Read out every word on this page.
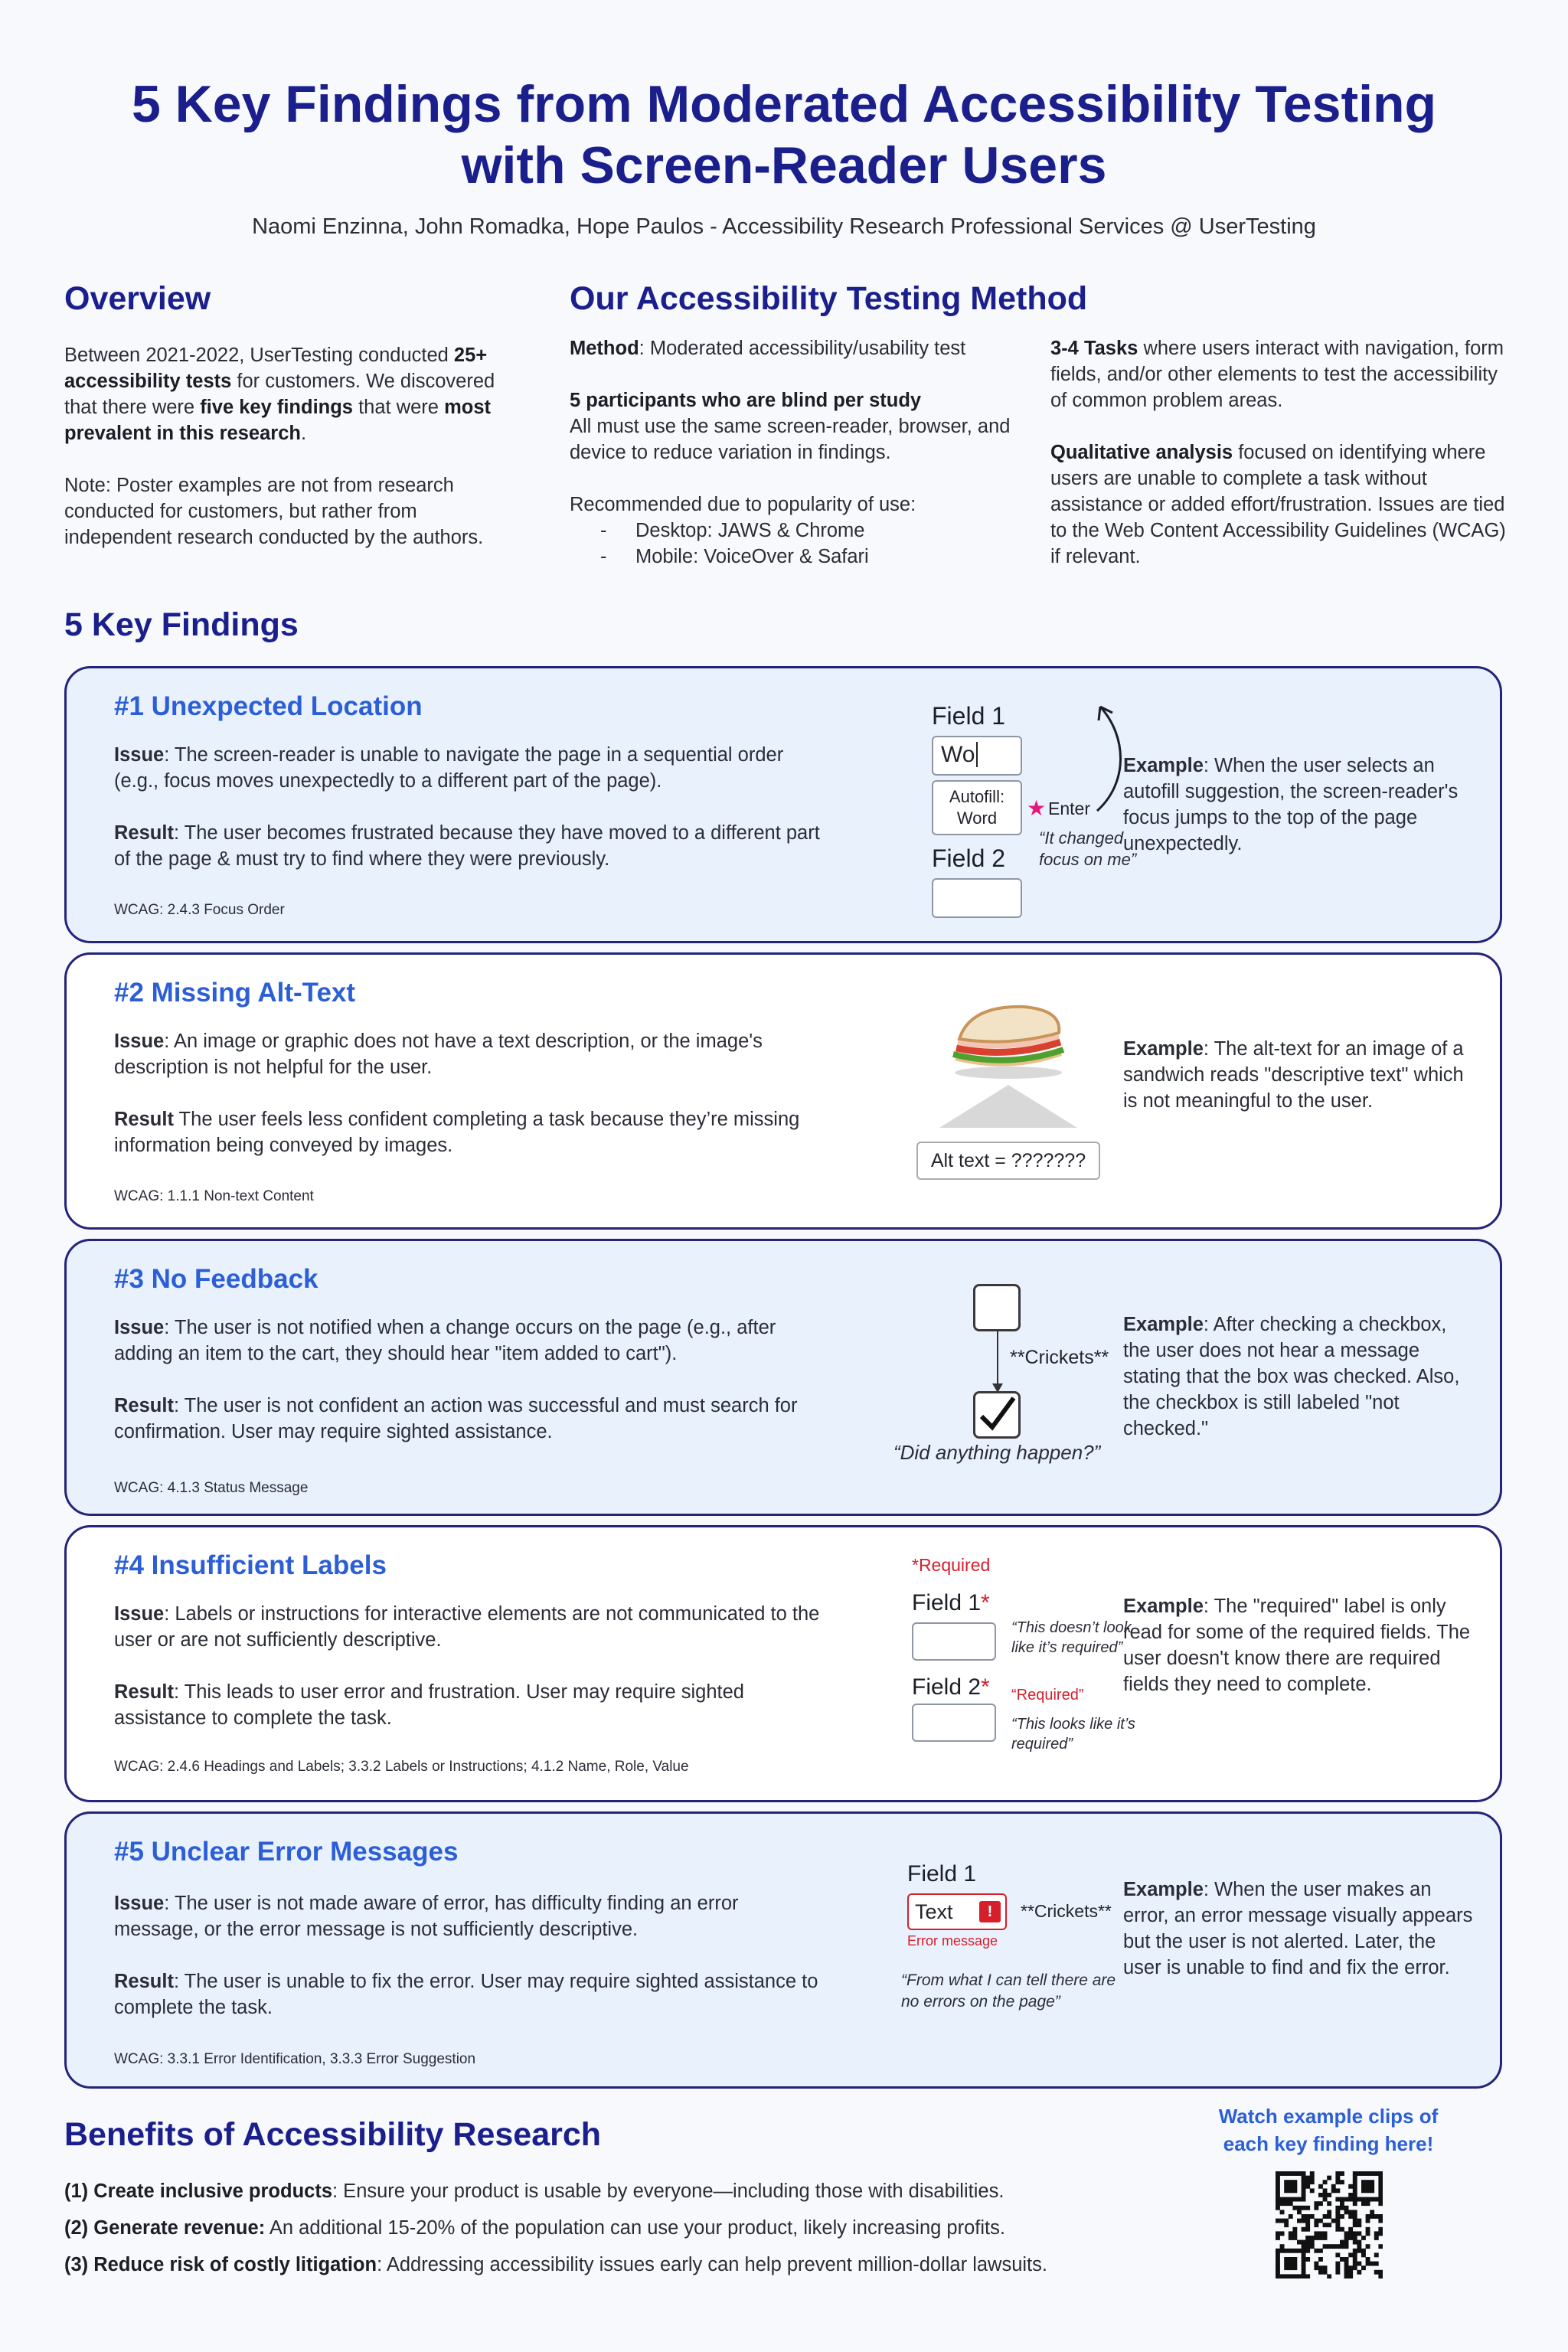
5 Key Findings from Moderated Accessibility Testing
with Screen-Reader Users
Naomi Enzinna, John Romadka, Hope Paulos - Accessibility Research Professional Services @ UserTesting
Overview

Between 2021-2022, UserTesting conducted 25+ accessibility tests for customers. We discovered that there were five key findings that were most prevalent in this research.

Note: Poster examples are not from research conducted for customers, but rather from independent research conducted by the authors.

Our Accessibility Testing Method

Method: Moderated accessibility/usability test

5 participants who are blind per study
All must use the same screen-reader, browser, and device to reduce variation in findings.

Recommended due to popularity of use:
- Desktop: JAWS & Chrome
- Mobile: VoiceOver & Safari

3-4 Tasks where users interact with navigation, form fields, and/or other elements to test the accessibility of common problem areas.

Qualitative analysis focused on identifying where users are unable to complete a task without assistance or added effort/frustration. Issues are tied to the Web Content Accessibility Guidelines (WCAG) if relevant.

5 Key Findings
#1 Unexpected Location

Issue: The screen-reader is unable to navigate the page in a sequential order (e.g., focus moves unexpectedly to a different part of the page).

Result: The user becomes frustrated because they have moved to a different part of the page & must try to find where they were previously.

WCAG: 2.4.3 Focus Order
Field 1
Wo
Autofill:
Word	★ Enter
“It changed focus on me”
Field 2
Example: When the user selects an autofill suggestion, the screen-reader's focus jumps to the top of the page unexpectedly.
#2 Missing Alt-Text

Issue: An image or graphic does not have a text description, or the image's description is not helpful for the user.

Result The user feels less confident completing a task because they’re missing information being conveyed by images.

WCAG: 1.1.1 Non-text Content
Alt text = ???????
Example: The alt-text for an image of a sandwich reads "descriptive text" which is not meaningful to the user.
#3 No Feedback

Issue: The user is not notified when a change occurs on the page (e.g., after adding an item to the cart, they should hear "item added to cart").

Result: The user is not confident an action was successful and must search for confirmation. User may require sighted assistance.

WCAG: 4.1.3 Status Message
**Crickets**
“Did anything happen?”
Example: After checking a checkbox, the user does not hear a message stating that the box was checked. Also, the checkbox is still labeled "not checked."
#4 Insufficient Labels

Issue: Labels or instructions for interactive elements are not communicated to the user or are not sufficiently descriptive.

Result: This leads to user error and frustration. User may require sighted assistance to complete the task.

WCAG: 2.4.6 Headings and Labels; 3.3.2 Labels or Instructions; 4.1.2 Name, Role, Value
*Required
Field 1*
“This doesn’t look like it’s required”
Field 2* “Required”
“This looks like it’s required”
Example: The "required" label is only read for some of the required fields. The user doesn't know there are required fields they need to complete.
#5 Unclear Error Messages

Issue: The user is not made aware of error, has difficulty finding an error message, or the error message is not sufficiently descriptive.

Result: The user is unable to fix the error. User may require sighted assistance to complete the task.

WCAG: 3.3.1 Error Identification, 3.3.3 Error Suggestion
Field 1
Text	!
Error message
**Crickets**
“From what I can tell there are no errors on the page”
Example: When the user makes an error, an error message visually appears but the user is not alerted. Later, the user is unable to find and fix the error.
Benefits of Accessibility Research
(1) Create inclusive products: Ensure your product is usable by everyone—including those with disabilities.
(2) Generate revenue: An additional 15-20% of the population can use your product, likely increasing profits.
(3) Reduce risk of costly litigation: Addressing accessibility issues early can help prevent million-dollar lawsuits.
Watch example clips of
each key finding here!
